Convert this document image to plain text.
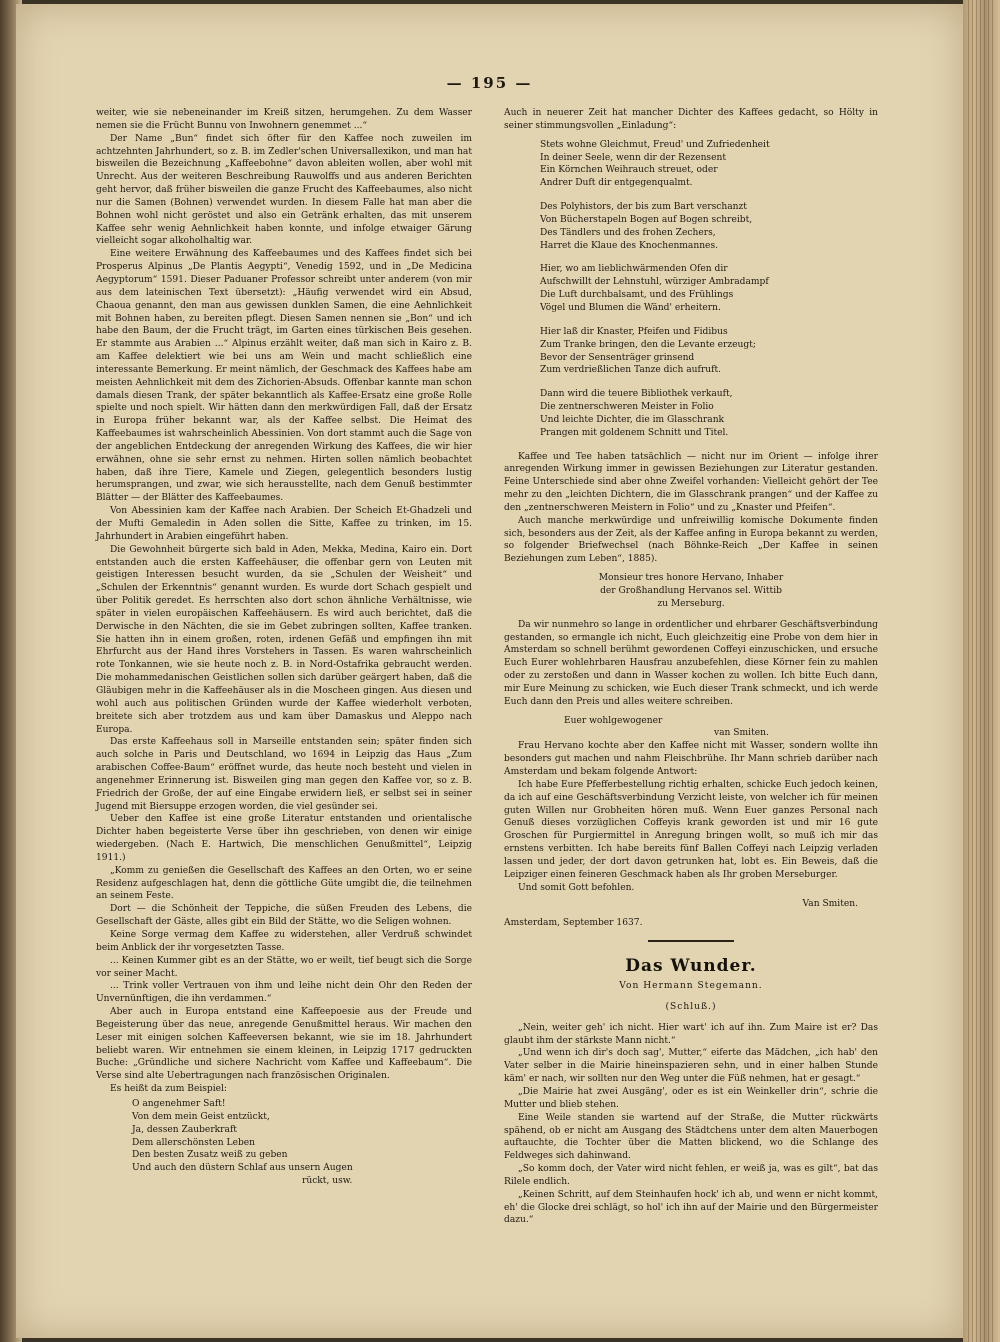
— 195 —

weiter, wie sie nebeneinander im Kreiß sitzen, herumgehen. Zu dem Wasser nemen sie die Frücht Bunnu von Inwohnern genemmet ...“

Der Name „Bun“ findet sich öfter für den Kaffee noch zuweilen im achtzehnten Jahrhundert, so z. B. im Zedler'schen Universallexikon, und man hat bisweilen die Bezeichnung „Kaffeebohne“ davon ableiten wollen, aber wohl mit Unrecht. Aus der weiteren Beschreibung Rauwolffs und aus anderen Berichten geht hervor, daß früher bisweilen die ganze Frucht des Kaffeebaumes, also nicht nur die Samen (Bohnen) verwendet wurden. In diesem Falle hat man aber die Bohnen wohl nicht geröstet und also ein Getränk erhalten, das mit unserem Kaffee sehr wenig Aehnlichkeit haben konnte, und infolge etwaiger Gärung vielleicht sogar alkoholhaltig war.

Eine weitere Erwähnung des Kaffeebaumes und des Kaffees findet sich bei Prosperus Alpinus „De Plantis Aegypti“, Venedig 1592, und in „De Medicina Aegyptorum“ 1591. Dieser Paduaner Professor schreibt unter anderem (von mir aus dem lateinischen Text übersetzt): „Häufig verwendet wird ein Absud, Chaoua genannt, den man aus gewissen dunklen Samen, die eine Aehnlichkeit mit Bohnen haben, zu bereiten pflegt. Diesen Samen nennen sie „Bon“ und ich habe den Baum, der die Frucht trägt, im Garten eines türkischen Beis gesehen. Er stammte aus Arabien ...“ Alpinus erzählt weiter, daß man sich in Kairo z. B. am Kaffee delektiert wie bei uns am Wein und macht schließlich eine interessante Bemerkung. Er meint nämlich, der Geschmack des Kaffees habe am meisten Aehnlichkeit mit dem des Zichorien-Absuds. Offenbar kannte man schon damals diesen Trank, der später bekanntlich als Kaffee-Ersatz eine große Rolle spielte und noch spielt. Wir hätten dann den merkwürdigen Fall, daß der Ersatz in Europa früher bekannt war, als der Kaffee selbst. Die Heimat des Kaffeebaumes ist wahrscheinlich Abessinien. Von dort stammt auch die Sage von der angeblichen Entdeckung der anregenden Wirkung des Kaffees, die wir hier erwähnen, ohne sie sehr ernst zu nehmen. Hirten sollen nämlich beobachtet haben, daß ihre Tiere, Kamele und Ziegen, gelegentlich besonders lustig herumsprangen, und zwar, wie sich herausstellte, nach dem Genuß bestimmter Blätter — der Blätter des Kaffeebaumes.

Von Abessinien kam der Kaffee nach Arabien. Der Scheich Et-Ghadzeli und der Mufti Gemaledin in Aden sollen die Sitte, Kaffee zu trinken, im 15. Jahrhundert in Arabien eingeführt haben.

Die Gewohnheit bürgerte sich bald in Aden, Mekka, Medina, Kairo ein. Dort entstanden auch die ersten Kaffeehäuser, die offenbar gern von Leuten mit geistigen Interessen besucht wurden, da sie „Schulen der Weisheit“ und „Schulen der Erkenntnis“ genannt wurden. Es wurde dort Schach gespielt und über Politik geredet. Es herrschten also dort schon ähnliche Verhältnisse, wie später in vielen europäischen Kaffeehäusern. Es wird auch berichtet, daß die Derwische in den Nächten, die sie im Gebet zubringen sollten, Kaffee tranken. Sie hatten ihn in einem großen, roten, irdenen Gefäß und empfingen ihn mit Ehrfurcht aus der Hand ihres Vorstehers in Tassen. Es waren wahrscheinlich rote Tonkannen, wie sie heute noch z. B. in Nord-Ostafrika gebraucht werden. Die mohammedanischen Geistlichen sollen sich darüber geärgert haben, daß die Gläubigen mehr in die Kaffeehäuser als in die Moscheen gingen. Aus diesen und wohl auch aus politischen Gründen wurde der Kaffee wiederholt verboten, breitete sich aber trotzdem aus und kam über Damaskus und Aleppo nach Europa.

Das erste Kaffeehaus soll in Marseille entstanden sein; später finden sich auch solche in Paris und Deutschland, wo 1694 in Leipzig das Haus „Zum arabischen Coffee-Baum“ eröffnet wurde, das heute noch besteht und vielen in angenehmer Erinnerung ist. Bisweilen ging man gegen den Kaffee vor, so z. B. Friedrich der Große, der auf eine Eingabe erwidern ließ, er selbst sei in seiner Jugend mit Biersuppe erzogen worden, die viel gesünder sei.

Ueber den Kaffee ist eine große Literatur entstanden und orientalische Dichter haben begeisterte Verse über ihn geschrieben, von denen wir einige wiedergeben. (Nach E. Hartwich, Die menschlichen Genußmittel“, Leipzig 1911.)

„Komm zu genießen die Gesellschaft des Kaffees an den Orten, wo er seine Residenz aufgeschlagen hat, denn die göttliche Güte umgibt die, die teilnehmen an seinem Feste.

Dort — die Schönheit der Teppiche, die süßen Freuden des Lebens, die Gesellschaft der Gäste, alles gibt ein Bild der Stätte, wo die Seligen wohnen.

Keine Sorge vermag dem Kaffee zu widerstehen, aller Verdruß schwindet beim Anblick der ihr vorgesetzten Tasse.

... Keinen Kummer gibt es an der Stätte, wo er weilt, tief beugt sich die Sorge vor seiner Macht.

... Trink voller Vertrauen von ihm und leihe nicht dein Ohr den Reden der Unvernünftigen, die ihn verdammen.“

Aber auch in Europa entstand eine Kaffeepoesie aus der Freude und Begeisterung über das neue, anregende Genußmittel heraus. Wir machen den Leser mit einigen solchen Kaffeeversen bekannt, wie sie im 18. Jahrhundert beliebt waren. Wir entnehmen sie einem kleinen, in Leipzig 1717 gedruckten Buche: „Gründliche und sichere Nachricht vom Kaffee und Kaffeebaum“. Die Verse sind alte Uebertragungen nach französischen Originalen.

Es heißt da zum Beispiel:

O angenehmer Saft!
Von dem mein Geist entzückt,
Ja, dessen Zauberkraft
Dem allerschönsten Leben
Den besten Zusatz weiß zu geben
Und auch den düstern Schlaf aus unsern Augen
rückt, usw.

Auch in neuerer Zeit hat mancher Dichter des Kaffees gedacht, so Hölty in seiner stimmungsvollen „Einladung“:

Stets wohne Gleichmut, Freud' und Zufriedenheit
In deiner Seele, wenn dir der Rezensent
Ein Körnchen Weihrauch streuet, oder
Andrer Duft dir entgegenqualmt.
Des Polyhistors, der bis zum Bart verschanzt
Von Bücherstapeln Bogen auf Bogen schreibt,
Des Tändlers und des frohen Zechers,
Harret die Klaue des Knochenmannes.
Hier, wo am lieblichwärmenden Ofen dir
Aufschwillt der Lehnstuhl, würziger Ambradampf
Die Luft durchbalsamt, und des Frühlings
Vögel und Blumen die Wänd' erheitern.
Hier laß dir Knaster, Pfeifen und Fidibus
Zum Tranke bringen, den die Levante erzeugt;
Bevor der Sensenträger grinsend
Zum verdrießlichen Tanze dich aufruft.
Dann wird die teuere Bibliothek verkauft,
Die zentnerschweren Meister in Folio
Und leichte Dichter, die im Glasschrank
Prangen mit goldenem Schnitt und Titel.

Kaffee und Tee haben tatsächlich — nicht nur im Orient — infolge ihrer anregenden Wirkung immer in gewissen Beziehungen zur Literatur gestanden. Feine Unterschiede sind aber ohne Zweifel vorhanden: Vielleicht gehört der Tee mehr zu den „leichten Dichtern, die im Glasschrank prangen“ und der Kaffee zu den „zentnerschweren Meistern in Folio“ und zu „Knaster und Pfeifen“.

Auch manche merkwürdige und unfreiwillig komische Dokumente finden sich, besonders aus der Zeit, als der Kaffee anfing in Europa bekannt zu werden, so folgender Briefwechsel (nach Böhnke-Reich „Der Kaffee in seinen Beziehungen zum Leben“, 1885).

Monsieur tres honore Hervano, Inhaber
der Großhandlung Hervanos sel. Wittib
zu Merseburg.

Da wir nunmehro so lange in ordentlicher und ehrbarer Geschäftsverbindung gestanden, so ermangle ich nicht, Euch gleichzeitig eine Probe von dem hier in Amsterdam so schnell berühmt gewordenen Coffeyi einzuschicken, und ersuche Euch Eurer wohlehrbaren Hausfrau anzubefehlen, diese Körner fein zu mahlen oder zu zerstoßen und dann in Wasser kochen zu wollen. Ich bitte Euch dann, mir Eure Meinung zu schicken, wie Euch dieser Trank schmeckt, und ich werde Euch dann den Preis und alles weitere schreiben.

Euer wohlgewogener
van Smiten.

Frau Hervano kochte aber den Kaffee nicht mit Wasser, sondern wollte ihn besonders gut machen und nahm Fleischbrühe. Ihr Mann schrieb darüber nach Amsterdam und bekam folgende Antwort:

Ich habe Eure Pfefferbestellung richtig erhalten, schicke Euch jedoch keinen, da ich auf eine Geschäftsverbindung Verzicht leiste, von welcher ich für meinen guten Willen nur Grobheiten hören muß. Wenn Euer ganzes Personal nach Genuß dieses vorzüglichen Coffeyis krank geworden ist und mir 16 gute Groschen für Purgiermittel in Anregung bringen wollt, so muß ich mir das ernstens verbitten. Ich habe bereits fünf Ballen Coffeyi nach Leipzig verladen lassen und jeder, der dort davon getrunken hat, lobt es. Ein Beweis, daß die Leipziger einen feineren Geschmack haben als Ihr groben Merseburger.

Und somit Gott befohlen.

Van Smiten.
Amsterdam, September 1637.
Das Wunder.
Von Hermann Stegemann.
(Schluß.)

„Nein, weiter geh' ich nicht. Hier wart' ich auf ihn. Zum Maire ist er? Das glaubt ihm der stärkste Mann nicht.“

„Und wenn ich dir's doch sag', Mutter,“ eiferte das Mädchen, „ich hab' den Vater selber in die Mairie hineinspazieren sehn, und in einer halben Stunde käm' er nach, wir sollten nur den Weg unter die Füß nehmen, hat er gesagt.“

„Die Mairie hat zwei Ausgäng', oder es ist ein Weinkeller drin“, schrie die Mutter und blieb stehen.

Eine Weile standen sie wartend auf der Straße, die Mutter rückwärts spähend, ob er nicht am Ausgang des Städtchens unter dem alten Mauerbogen auftauchte, die Tochter über die Matten blickend, wo die Schlange des Feldweges sich dahinwand.

„So komm doch, der Vater wird nicht fehlen, er weiß ja, was es gilt“, bat das Rilele endlich.

„Keinen Schritt, auf dem Steinhaufen hock' ich ab, und wenn er nicht kommt, eh' die Glocke drei schlägt, so hol' ich ihn auf der Mairie und den Bürgermeister dazu.“
